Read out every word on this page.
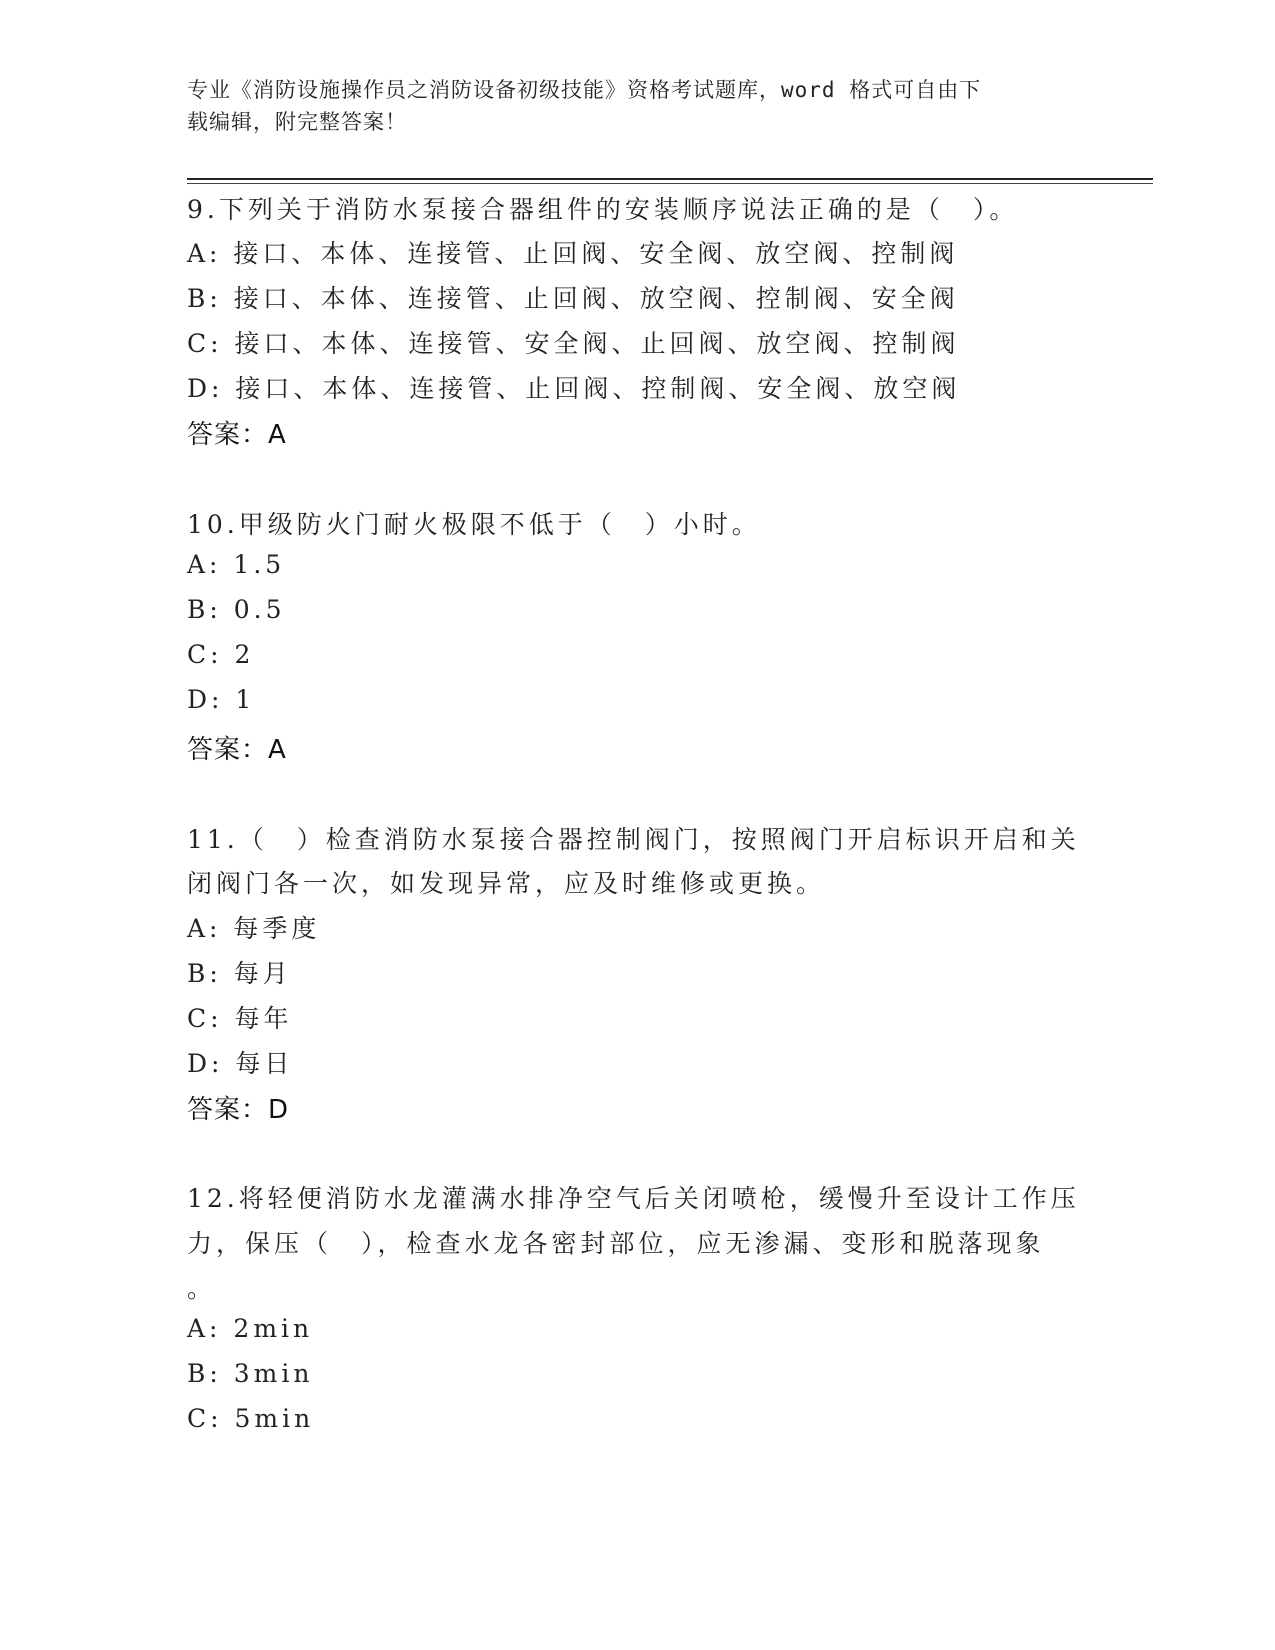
专业《消防设施操作员之消防设备初级技能》资格考试题库，word 格式可自由下
载编辑，附完整答案！
9.下列关于消防水泵接合器组件的安装顺序说法正确的是（　）。
A: 接口、本体、连接管、止回阀、安全阀、放空阀、控制阀
B: 接口、本体、连接管、止回阀、放空阀、控制阀、安全阀
C: 接口、本体、连接管、安全阀、止回阀、放空阀、控制阀
D: 接口、本体、连接管、止回阀、控制阀、安全阀、放空阀
答案：A
10.甲级防火门耐火极限不低于（　）小时。
A: 1.5
B: 0.5
C: 2
D: 1
答案：A
11.（　）检查消防水泵接合器控制阀门，按照阀门开启标识开启和关
闭阀门各一次，如发现异常，应及时维修或更换。
A: 每季度
B: 每月
C: 每年
D: 每日
答案：D
12.将轻便消防水龙灌满水排净空气后关闭喷枪，缓慢升至设计工作压
力，保压（　），检查水龙各密封部位，应无渗漏、变形和脱落现象
。
A: 2min
B: 3min
C: 5min
